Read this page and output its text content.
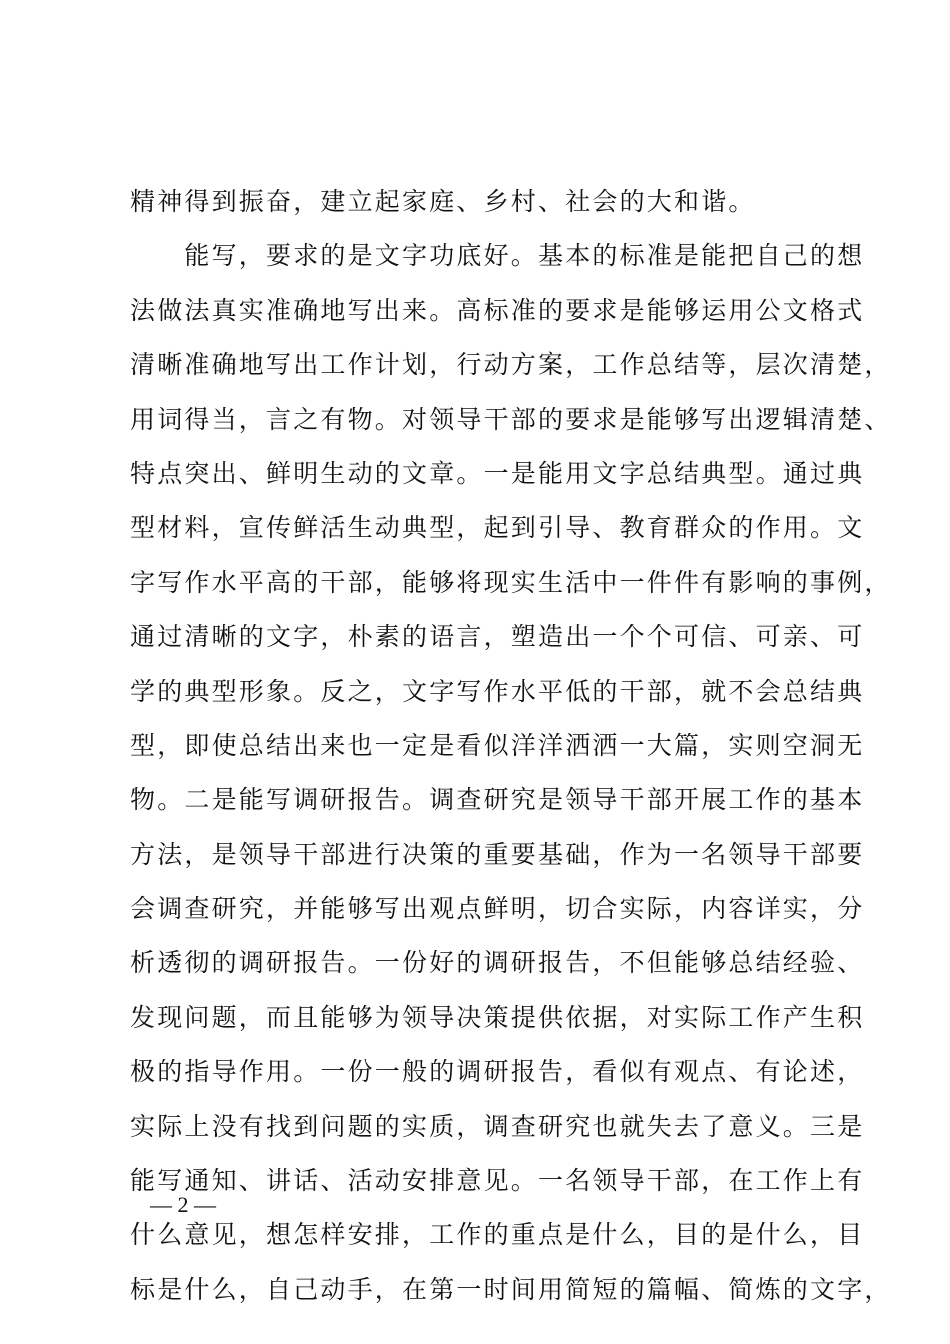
精神得到振奋，建立起家庭、乡村、社会的大和谐。
　　能写，要求的是文字功底好。基本的标准是能把自己的想
法做法真实准确地写出来。高标准的要求是能够运用公文格式
清晰准确地写出工作计划，行动方案，工作总结等，层次清楚，
用词得当，言之有物。对领导干部的要求是能够写出逻辑清楚、
特点突出、鲜明生动的文章。一是能用文字总结典型。通过典
型材料，宣传鲜活生动典型，起到引导、教育群众的作用。文
字写作水平高的干部，能够将现实生活中一件件有影响的事例，
通过清晰的文字，朴素的语言，塑造出一个个可信、可亲、可
学的典型形象。反之，文字写作水平低的干部，就不会总结典
型，即使总结出来也一定是看似洋洋洒洒一大篇，实则空洞无
物。二是能写调研报告。调查研究是领导干部开展工作的基本
方法，是领导干部进行决策的重要基础，作为一名领导干部要
会调查研究，并能够写出观点鲜明，切合实际，内容详实，分
析透彻的调研报告。一份好的调研报告，不但能够总结经验、
发现问题，而且能够为领导决策提供依据，对实际工作产生积
极的指导作用。一份一般的调研报告，看似有观点、有论述，
实际上没有找到问题的实质，调查研究也就失去了意义。三是
能写通知、讲话、活动安排意见。一名领导干部，在工作上有
什么意见，想怎样安排，工作的重点是什么，目的是什么，目
标是什么，自己动手，在第一时间用简短的篇幅、简炼的文字，
— 2 —
